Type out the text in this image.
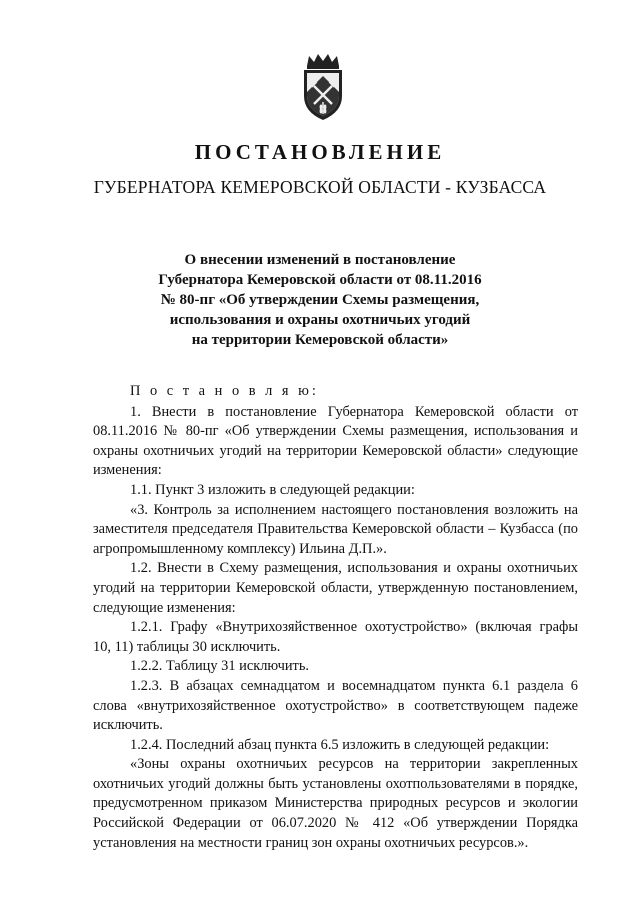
ПОСТАНОВЛЕНИЕ
ГУБЕРНАТОРА КЕМЕРОВСКОЙ ОБЛАСТИ - КУЗБАССА
О внесении изменений в постановление
Губернатора Кемеровской области от 08.11.2016
№ 80-пг «Об утверждении Схемы размещения,
использования и охраны охотничьих угодий
на территории Кемеровской области»

П о с т а н о в л я ю:

1. Внести в постановление Губернатора Кемеровской области от 08.11.2016 № 80-пг «Об утверждении Схемы размещения, использования и охраны охотничьих угодий на территории Кемеровской области» следующие изменения:

1.1. Пункт 3 изложить в следующей редакции:

«3. Контроль за исполнением настоящего постановления возложить на заместителя председателя Правительства Кемеровской области – Кузбасса (по агропромышленному комплексу) Ильина Д.П.».

1.2. Внести в Схему размещения, использования и охраны охотничьих угодий на территории Кемеровской области, утвержденную постановлением, следующие изменения:

1.2.1. Графу «Внутрихозяйственное охотустройство» (включая графы 10, 11) таблицы 30 исключить.

1.2.2. Таблицу 31 исключить.

1.2.3. В абзацах семнадцатом и восемнадцатом пункта 6.1 раздела 6 слова «внутрихозяйственное охотустройство» в соответствующем падеже исключить.

1.2.4. Последний абзац пункта 6.5 изложить в следующей редакции:

«Зоны охраны охотничьих ресурсов на территории закрепленных охотничьих угодий должны быть установлены охотпользователями в порядке, предусмотренном приказом Министерства природных ресурсов и экологии Российской Федерации от 06.07.2020 № 412 «Об утверждении Порядка установления на местности границ зон охраны охотничьих ресурсов.».
